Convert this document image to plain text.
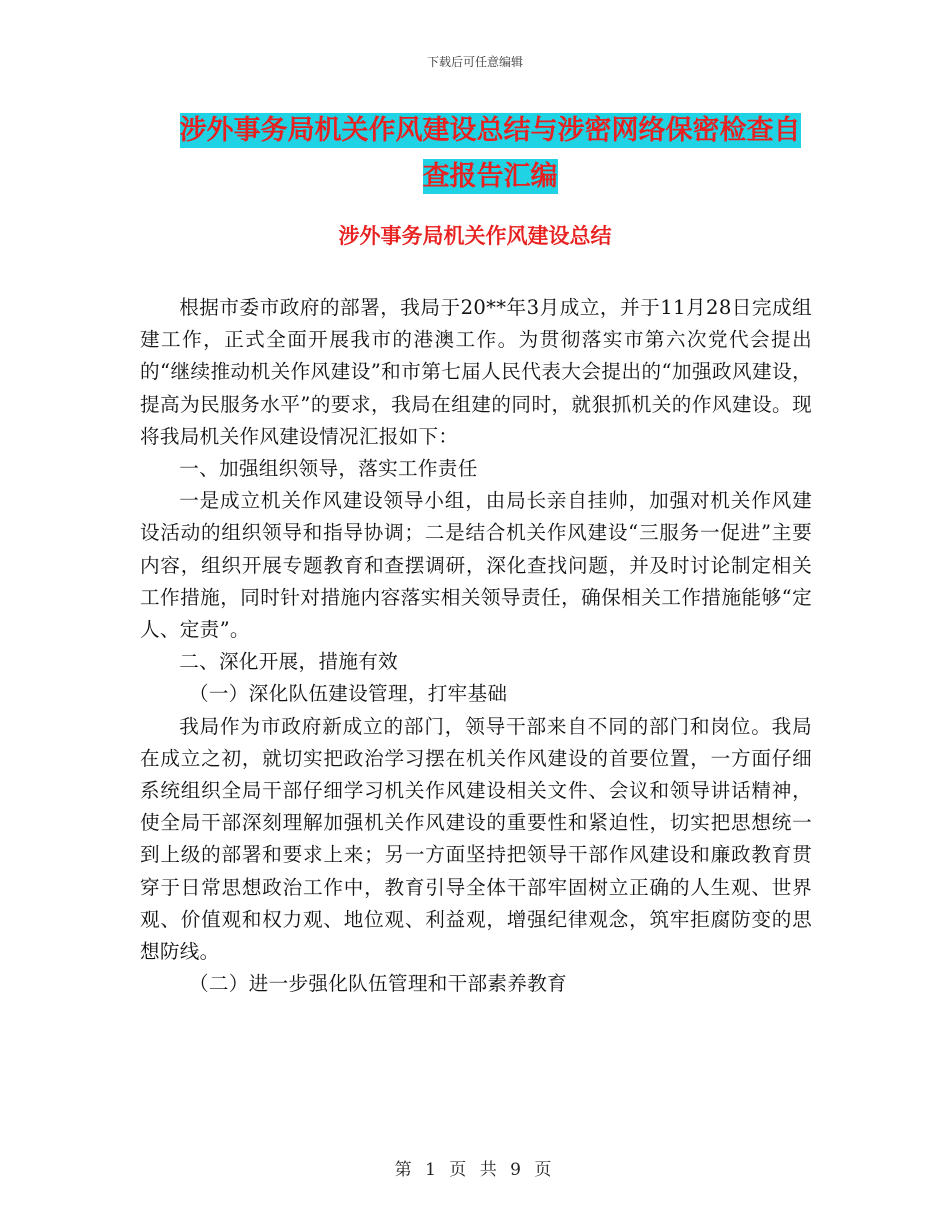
下载后可任意编辑
涉外事务局机关作风建设总结与涉密网络保密检查自
查报告汇编
涉外事务局机关作风建设总结

根据市委市政府的部署，我局于20**年3月成立，并于11月28日完成组建工作，正式全面开展我市的港澳工作。为贯彻落实市第六次党代会提出的“继续推动机关作风建设”和市第七届人民代表大会提出的“加强政风建设，提高为民服务水平”的要求，我局在组建的同时，就狠抓机关的作风建设。现将我局机关作风建设情况汇报如下：

一、加强组织领导，落实工作责任

一是成立机关作风建设领导小组，由局长亲自挂帅，加强对机关作风建设活动的组织领导和指导协调；二是结合机关作风建设“三服务一促进”主要内容，组织开展专题教育和查摆调研，深化查找问题，并及时讨论制定相关工作措施，同时针对措施内容落实相关领导责任，确保相关工作措施能够“定人、定责”。

二、深化开展，措施有效

（一）深化队伍建设管理，打牢基础

我局作为市政府新成立的部门，领导干部来自不同的部门和岗位。我局在成立之初，就切实把政治学习摆在机关作风建设的首要位置，一方面仔细系统组织全局干部仔细学习机关作风建设相关文件、会议和领导讲话精神，使全局干部深刻理解加强机关作风建设的重要性和紧迫性，切实把思想统一到上级的部署和要求上来；另一方面坚持把领导干部作风建设和廉政教育贯穿于日常思想政治工作中，教育引导全体干部牢固树立正确的人生观、世界观、价值观和权力观、地位观、利益观，增强纪律观念，筑牢拒腐防变的思想防线。

（二）进一步强化队伍管理和干部素养教育

第 1 页 共 9 页
